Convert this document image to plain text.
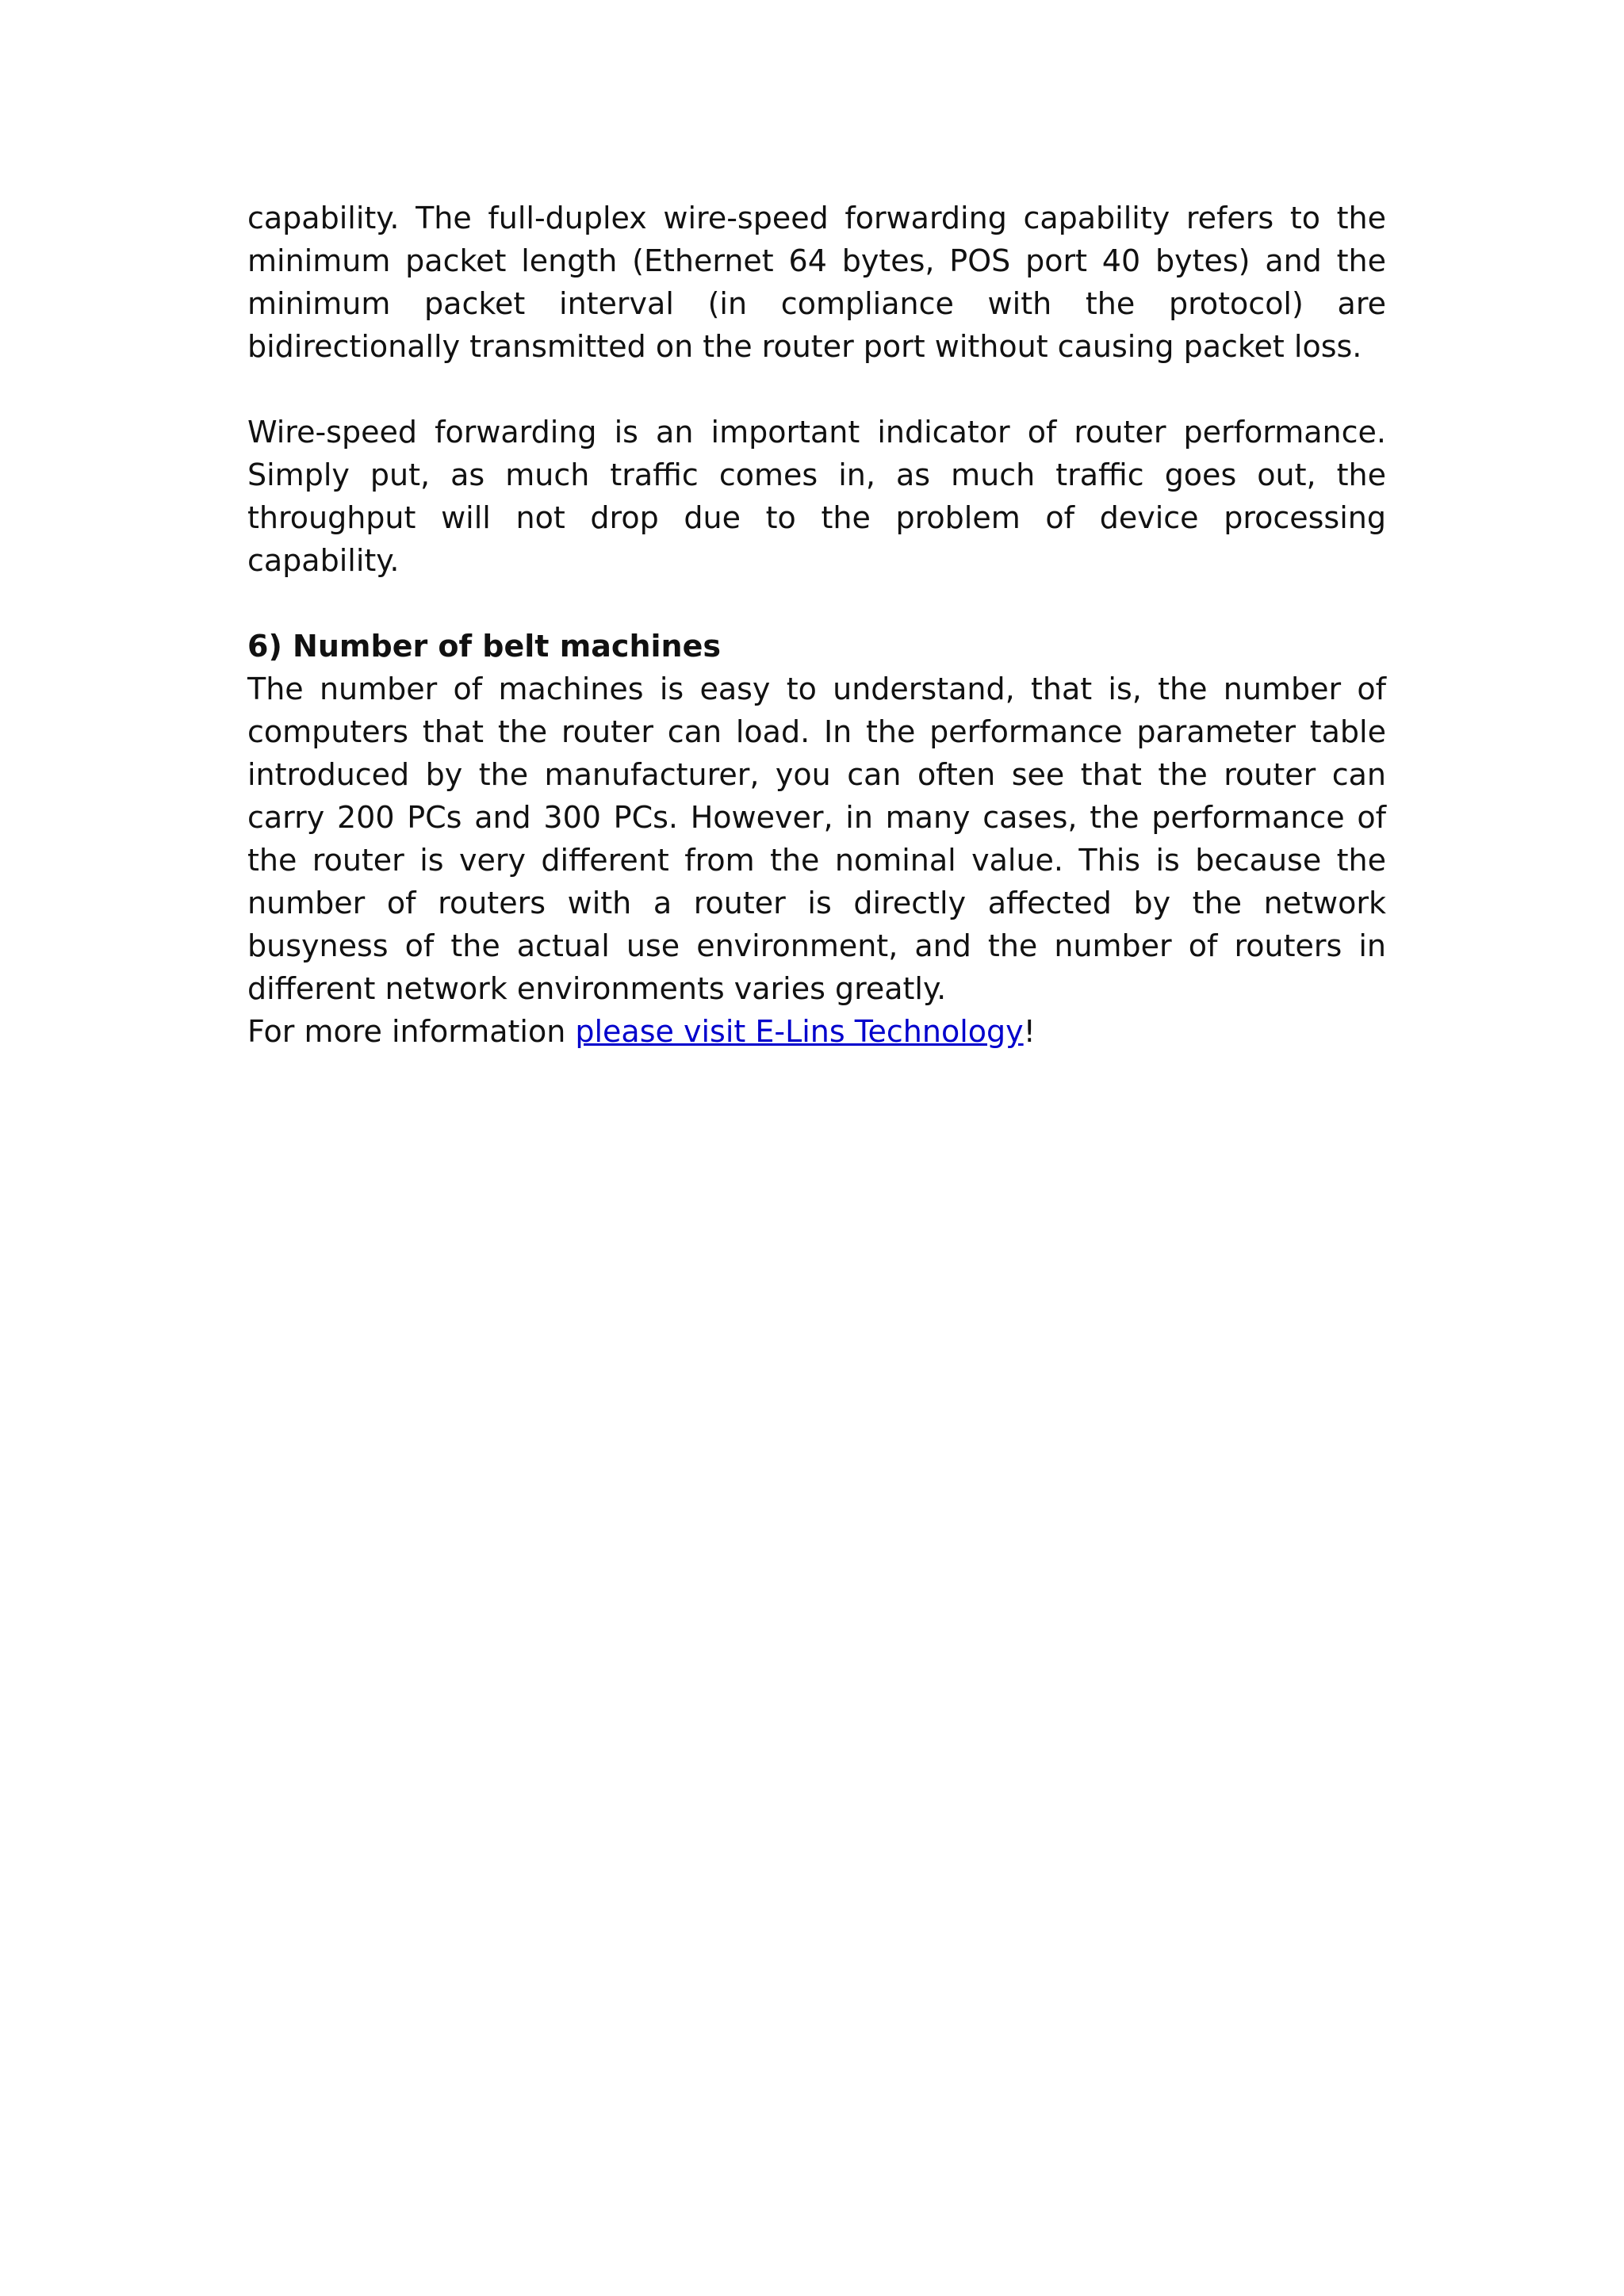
capability. The full-duplex wire-speed forwarding capability refers to the minimum packet length (Ethernet 64 bytes, POS port 40 bytes) and the minimum packet interval (in compliance with the protocol) are bidirectionally transmitted on the router port without causing packet loss.

Wire-speed forwarding is an important indicator of router performance. Simply put, as much traffic comes in, as much traffic goes out, the throughput will not drop due to the problem of device processing capability.

6) Number of belt machines

The number of machines is easy to understand, that is, the number of computers that the router can load. In the performance parameter table introduced by the manufacturer, you can often see that the router can carry 200 PCs and 300 PCs. However, in many cases, the performance of the router is very different from the nominal value. This is because the number of routers with a router is directly affected by the network busyness of the actual use environment, and the number of routers in different network environments varies greatly.

For more information please visit E-Lins Technology!
